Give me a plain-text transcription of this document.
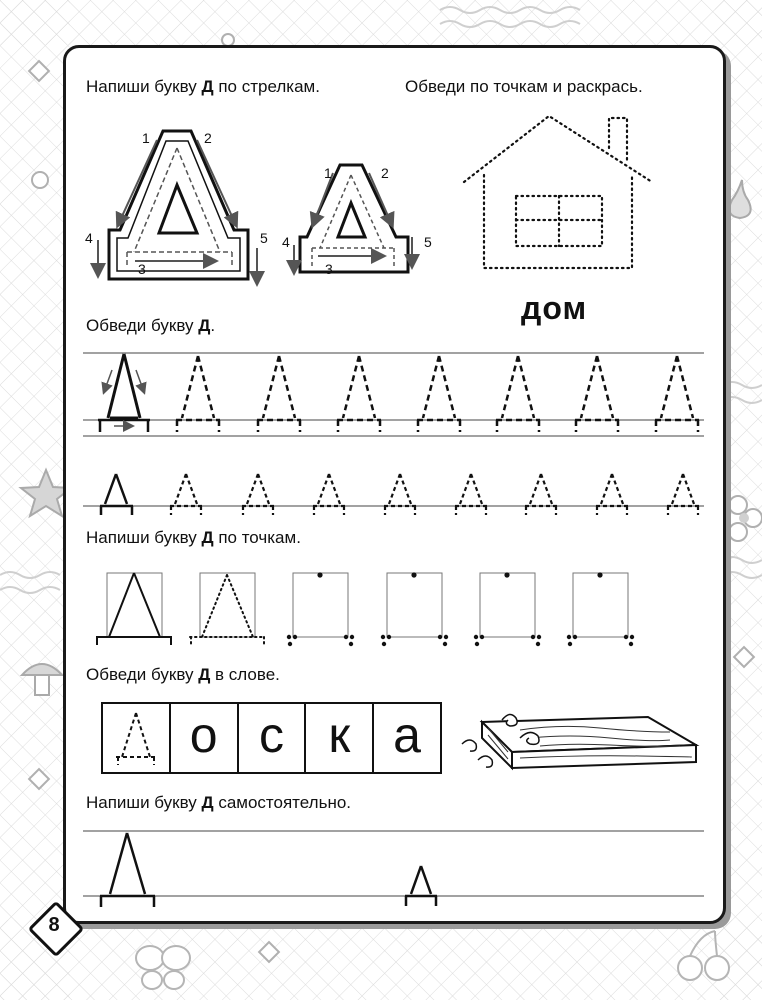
8
Напиши букву Д по стрелкам.	Обведи по точкам и раскрась.
дом
Обведи букву Д.
Напиши букву Д по точкам.
Обведи букву Д в слове.
Напиши букву Д самостоятельно.
о с к а
1	2
4	5
3
1	2
4	5
3
